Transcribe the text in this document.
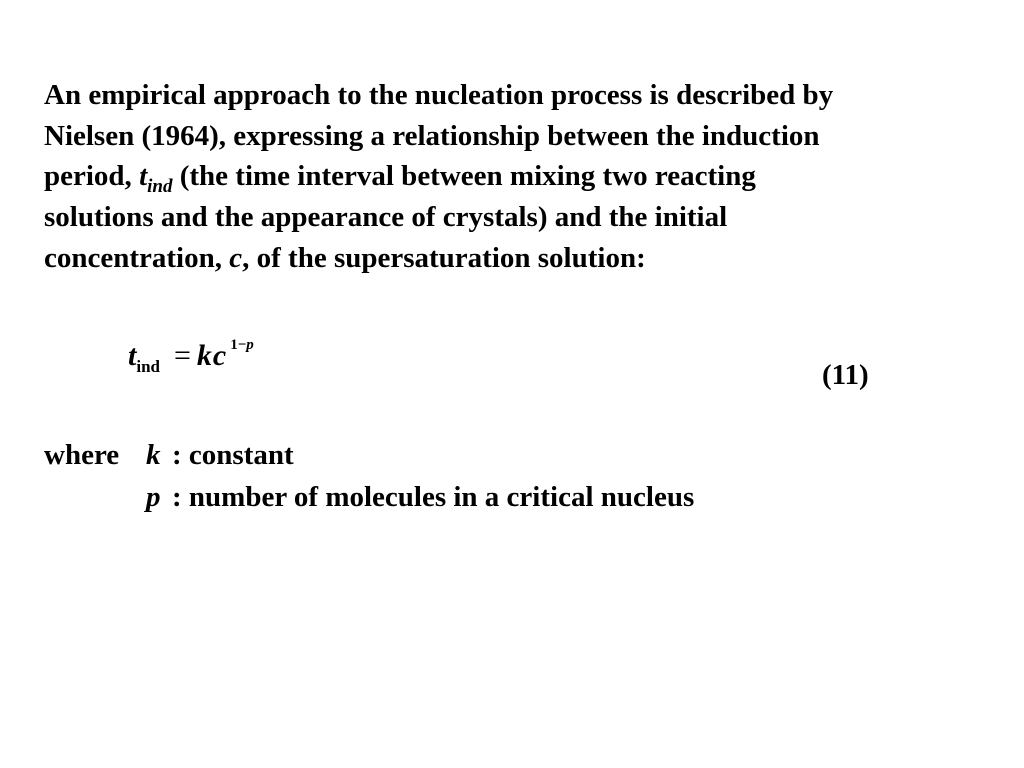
An empirical approach to the nucleation process is described by
Nielsen (1964), expressing a relationship between the induction
period, $t_{ind}$ (the time interval between mixing two reacting
solutions and the appearance of crystals) and the initial
concentration, c, of the supersaturation solution:
$t_{ind}$ = kc $^{1-p}$
(11)
where k : constant
p : number of molecules in a critical nucleus
